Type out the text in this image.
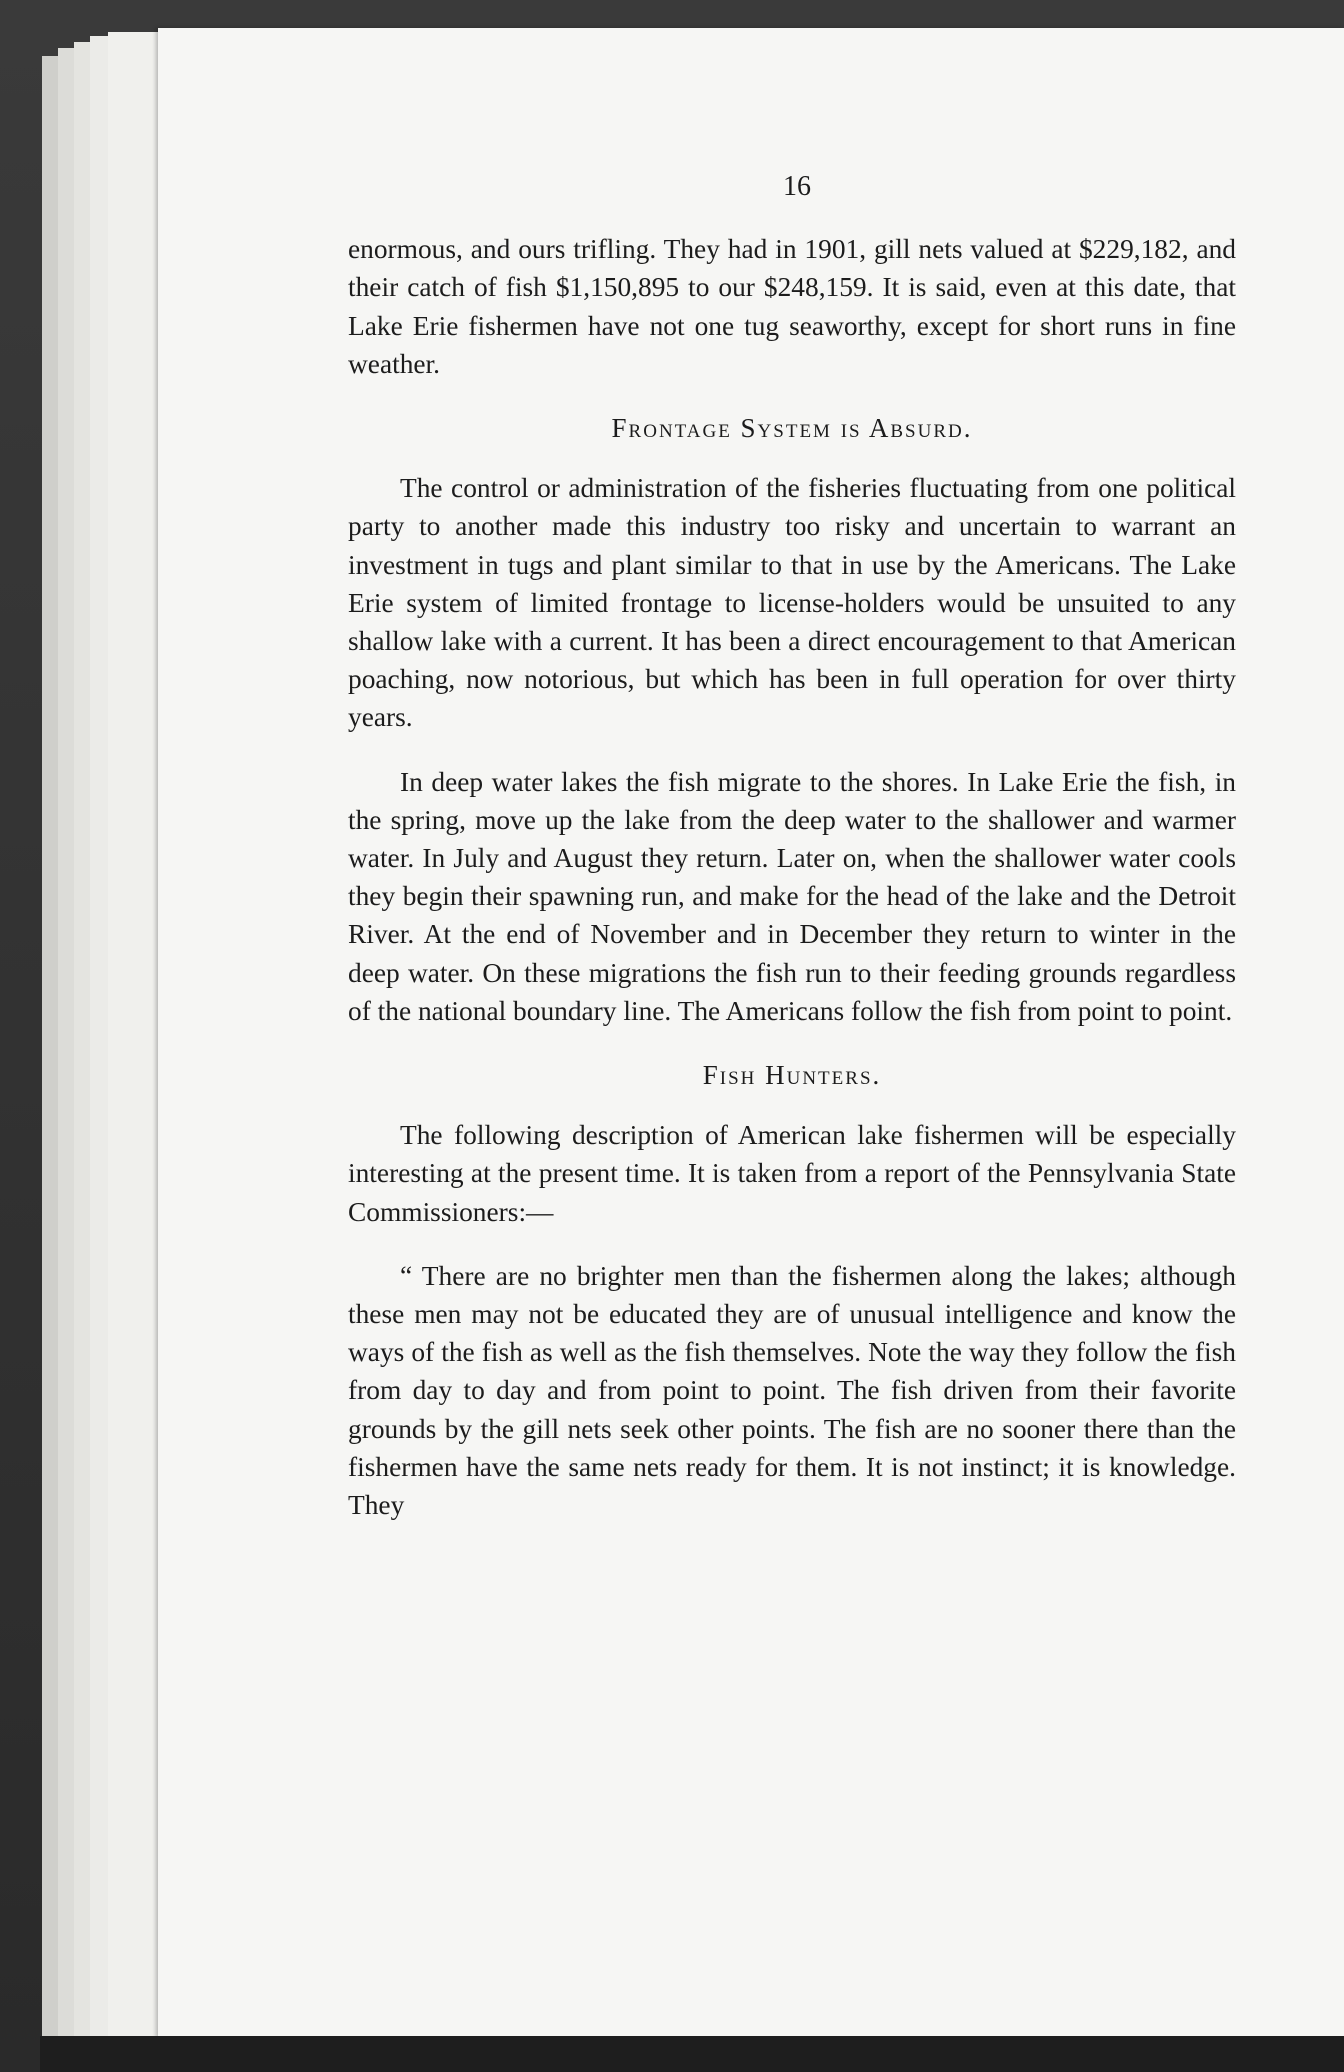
16

enormous, and ours trifling. They had in 1901, gill nets valued at $229,182, and their catch of fish $1,150,895 to our $248,159. It is said, even at this date, that Lake Erie fishermen have not one tug seaworthy, except for short runs in fine weather.

Frontage System is Absurd.

The control or administration of the fisheries fluctuating from one political party to another made this industry too risky and uncertain to warrant an investment in tugs and plant similar to that in use by the Americans. The Lake Erie system of limited frontage to license-holders would be unsuited to any shallow lake with a current. It has been a direct encouragement to that American poaching, now notorious, but which has been in full operation for over thirty years.

In deep water lakes the fish migrate to the shores. In Lake Erie the fish, in the spring, move up the lake from the deep water to the shallower and warmer water. In July and August they return. Later on, when the shallower water cools they begin their spawning run, and make for the head of the lake and the Detroit River. At the end of November and in December they return to winter in the deep water. On these migrations the fish run to their feeding grounds regardless of the national boundary line. The Americans follow the fish from point to point.

Fish Hunters.

The following description of American lake fishermen will be especially interesting at the present time. It is taken from a report of the Pennsylvania State Commissioners:—

“ There are no brighter men than the fishermen along the lakes; although these men may not be educated they are of unusual intelligence and know the ways of the fish as well as the fish themselves. Note the way they follow the fish from day to day and from point to point. The fish driven from their favorite grounds by the gill nets seek other points. The fish are no sooner there than the fishermen have the same nets ready for them. It is not instinct; it is knowledge. They
